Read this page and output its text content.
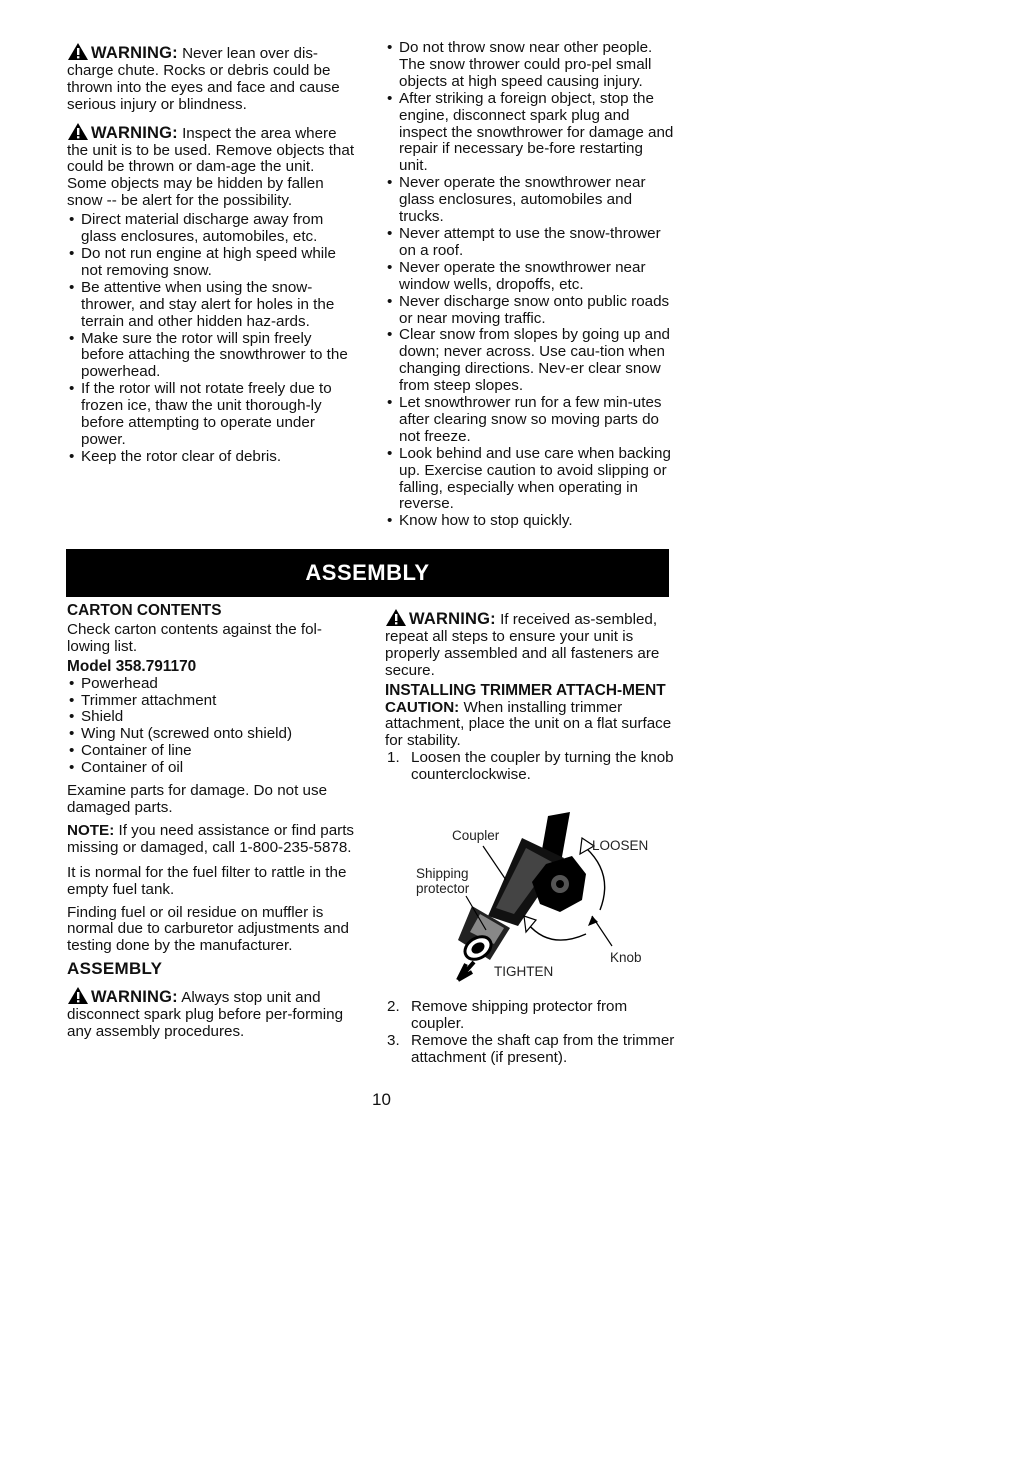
WARNING: Never lean over dis-charge chute. Rocks or debris could be thrown into the eyes and face and cause serious injury or blindness.

WARNING: Inspect the area where the unit is to be used. Remove objects that could be thrown or dam-age the unit. Some objects may be hidden by fallen snow -- be alert for the possibility.

• Direct material discharge away from glass enclosures, automobiles, etc.
• Do not run engine at high speed while not removing snow.
• Be attentive when using the snow-thrower, and stay alert for holes in the terrain and other hidden haz-ards.
• Make sure the rotor will spin freely before attaching the snowthrower to the powerhead.
• If the rotor will not rotate freely due to frozen ice, thaw the unit thorough-ly before attempting to operate under power.
• Keep the rotor clear of debris.
• Do not throw snow near other people. The snow thrower could pro-pel small objects at high speed causing injury.
• After striking a foreign object, stop the engine, disconnect spark plug and inspect the snowthrower for damage and repair if necessary be-fore restarting unit.
• Never operate the snowthrower near glass enclosures, automobiles and trucks.
• Never attempt to use the snow-thrower on a roof.
• Never operate the snowthrower near window wells, dropoffs, etc.
• Never discharge snow onto public roads or near moving traffic.
• Clear snow from slopes by going up and down; never across. Use cau-tion when changing directions. Nev-er clear snow from steep slopes.
• Let snowthrower run for a few min-utes after clearing snow so moving parts do not freeze.
• Look behind and use care when backing up. Exercise caution to avoid slipping or falling, especially when operating in reverse.
• Know how to stop quickly.
ASSEMBLY
CARTON CONTENTS

Check carton contents against the fol-lowing list.

Model 358.791170
• Powerhead
• Trimmer attachment
• Shield
• Wing Nut (screwed onto shield)
• Container of line
• Container of oil

Examine parts for damage. Do not use damaged parts.

NOTE: If you need assistance or find parts missing or damaged, call 1-800-235-5878.

It is normal for the fuel filter to rattle in the empty fuel tank.

Finding fuel or oil residue on muffler is normal due to carburetor adjustments and testing done by the manufacturer.

ASSEMBLY

WARNING: Always stop unit and disconnect spark plug before per-forming any assembly procedures.

WARNING: If received as-sembled, repeat all steps to ensure your unit is properly assembled and all fasteners are secure.

INSTALLING TRIMMER ATTACH-MENT

CAUTION: When installing trimmer attachment, place the unit on a flat surface for stability.

1. Loosen the coupler by turning the knob counterclockwise.
Coupler
LOOSEN
Shipping
protector
Knob
TIGHTEN
2. Remove shipping protector from coupler.
3. Remove the shaft cap from the trimmer attachment (if present).
10
